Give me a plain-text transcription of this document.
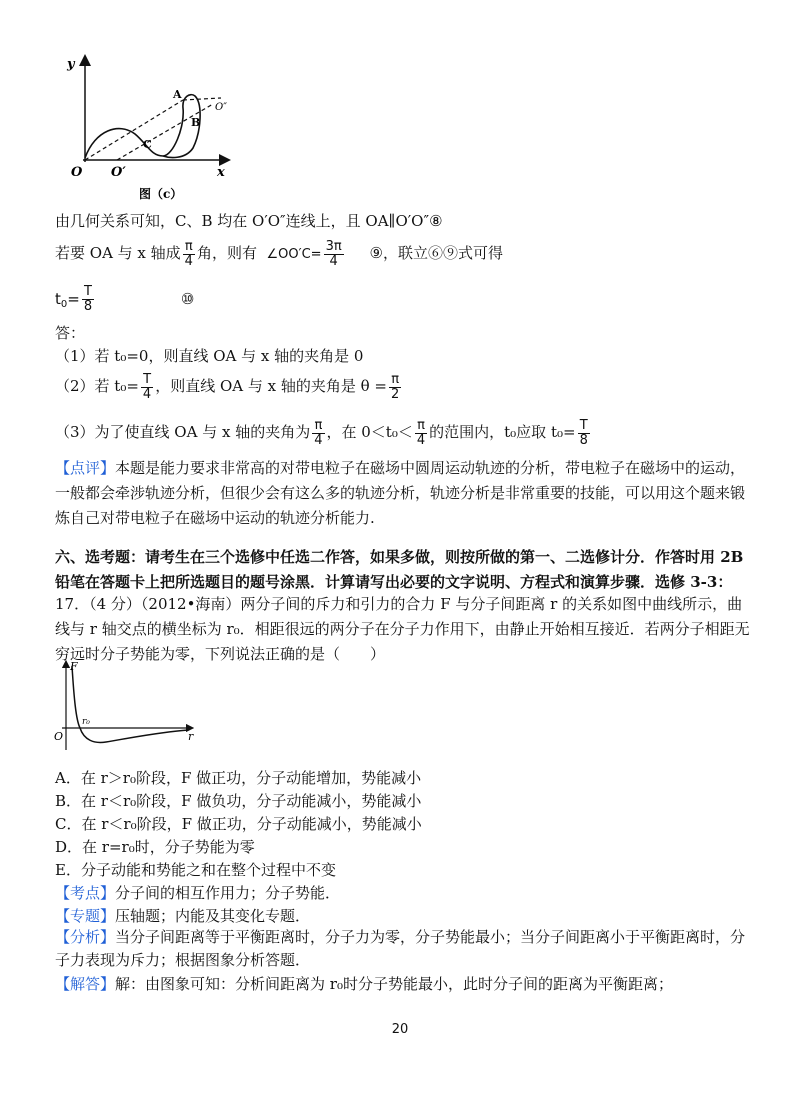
y
x
O O′
A
B
C
O″
图（c）
由几何关系可知，C、B 均在 O′O″连线上，且 OA∥O′O″⑧
若要 OA 与 x 轴成 $\frac{\pi}{4}$ 角，则有 ∠OO′C= $\frac{3\pi}{4}$ ⑨，联立⑥⑨式可得
$t_0= \frac{T}{8}$	⑩
答：
（1）若 t₀=0，则直线 OA 与 x 轴的夹角是 0
（2）若 $t_0= \frac{T}{4}$ ，则直线 OA 与 x 轴的夹角是 $\theta = \frac{\pi}{2}$
（3）为了使直线 OA 与 x 轴的夹角为 $\frac{\pi}{4}$ ，在 $0<t_0< \frac{\pi}{4}$ 的范围内，t₀应取 $t_0= \frac{T}{8}$
【点评】本题是能力要求非常高的对带电粒子在磁场中圆周运动轨迹的分析，带电粒子在磁场中的运动，一般都会牵涉轨迹分析，但很少会有这么多的轨迹分析，轨迹分析是非常重要的技能，可以用这个题来锻炼自己对带电粒子在磁场中运动的轨迹分析能力.
六、选考题：请考生在三个选修中任选二作答，如果多做，则按所做的第一、二选修计分．作答时用 2B 铅笔在答题卡上把所选题目的题号涂黑．计算请写出必要的文字说明、方程式和演算步骤．选修 3-3：
17．（4 分）（2012•海南）两分子间的斥力和引力的合力 F 与分子间距离 r 的关系如图中曲线所示，曲线与 r 轴交点的横坐标为 r₀．相距很远的两分子在分子力作用下，由静止开始相互接近．若两分子相距无穷远时分子势能为零，下列说法正确的是（　　）
F
O	r
r₀
A．在 r＞r₀阶段，F 做正功，分子动能增加，势能减小
B．在 r＜r₀阶段，F 做负功，分子动能减小，势能减小
C．在 r＜r₀阶段，F 做正功，分子动能减小，势能减小
D．在 r=r₀时，分子势能为零
E．分子动能和势能之和在整个过程中不变
【考点】分子间的相互作用力；分子势能．
【专题】压轴题；内能及其变化专题．
【分析】当分子间距离等于平衡距离时，分子力为零，分子势能最小；当分子间距离小于平衡距离时，分子力表现为斥力；根据图象分析答题．
【解答】解：由图象可知：分析间距离为 r₀时分子势能最小，此时分子间的距离为平衡距离；
20
